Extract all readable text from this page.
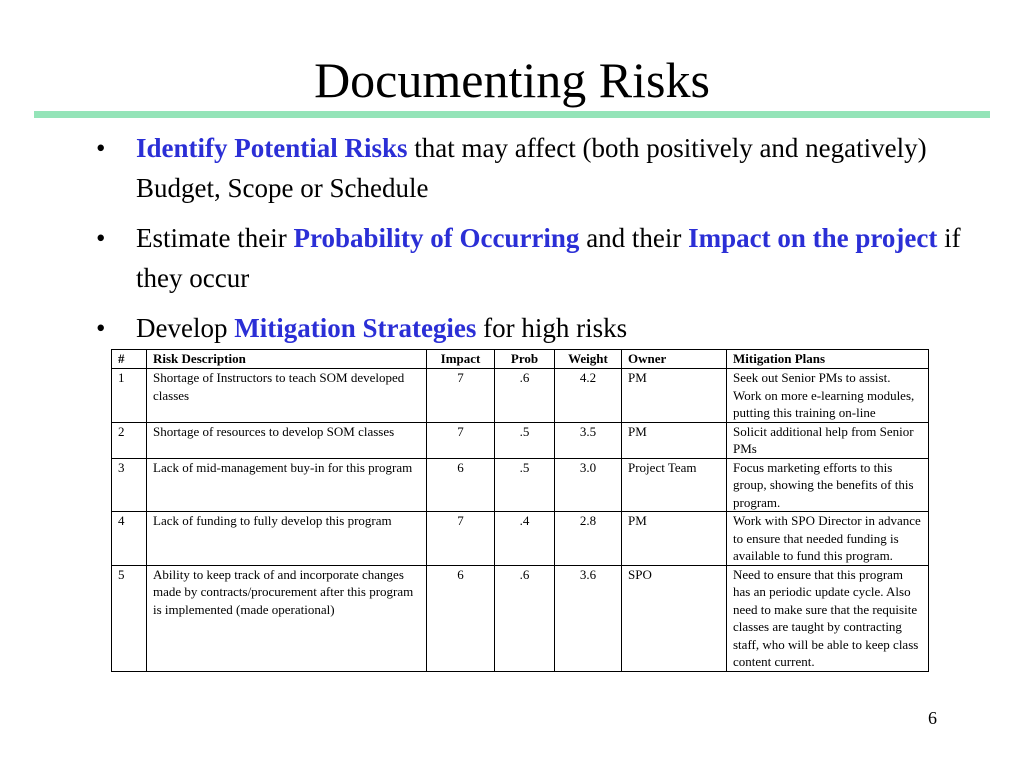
Documenting Risks
• Identify Potential Risks that may affect (both positively and negatively) Budget, Scope or Schedule
• Estimate their Probability of Occurring and their Impact on the project if they occur
• Develop Mitigation Strategies for high risks
#	Risk Description	Impact	Prob	Weight	Owner	Mitigation Plans
1	Shortage of Instructors to teach SOM developed classes	7	.6	4.2	PM	Seek out Senior PMs to assist. Work on more e-learning modules, putting this training on-line
2	Shortage of resources to develop SOM classes	7	.5	3.5	PM	Solicit additional help from Senior PMs
3	Lack of mid-management buy-in for this program	6	.5	3.0	Project Team	Focus marketing efforts to this group, showing the benefits of this program.
4	Lack of funding to fully develop this program	7	.4	2.8	PM	Work with SPO Director in advance to ensure that needed funding is available to fund this program.
5	Ability to keep track of and incorporate changes made by contracts/procurement after this program is implemented (made operational)	6	.6	3.6	SPO	Need to ensure that this program has an periodic update cycle. Also need to make sure that the requisite classes are taught by contracting staff, who will be able to keep class content current.
6
